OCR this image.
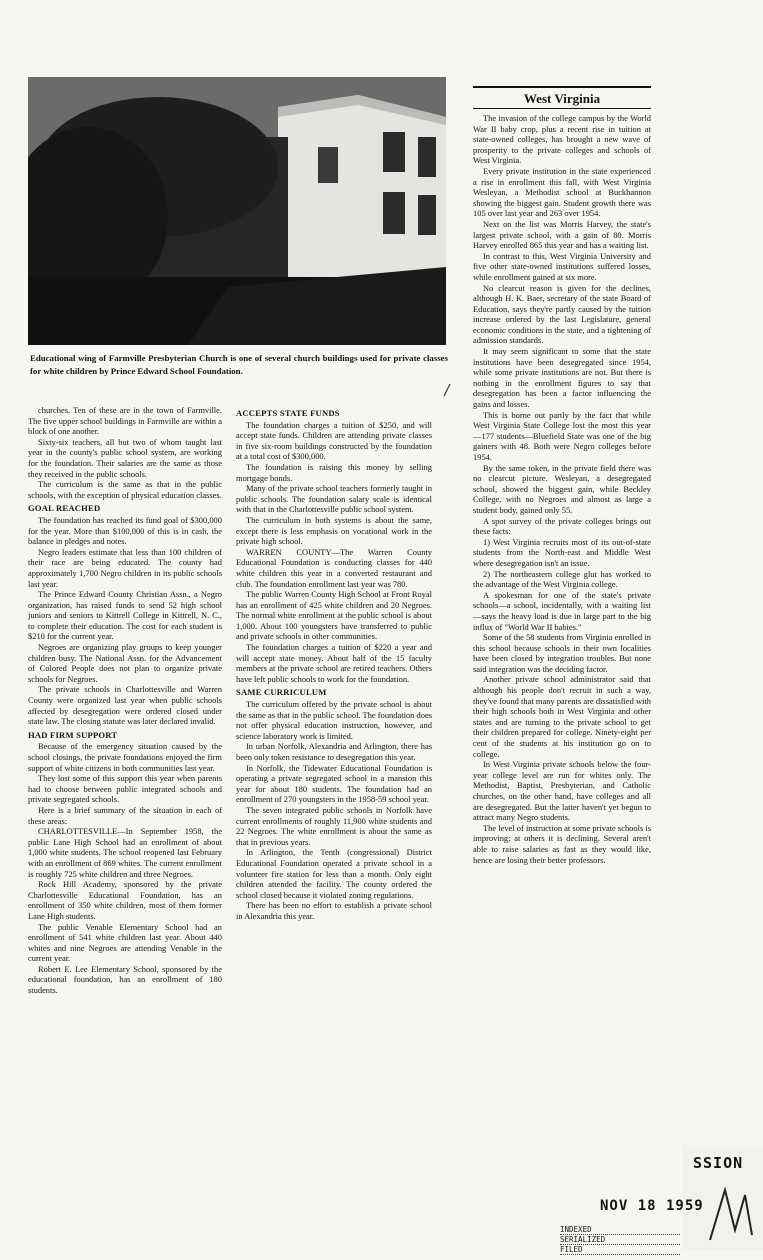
Educational wing of Farmville Presbyterian Church is one of several church buildings used for private classes for white children by Prince Edward School Foundation.

churches. Ten of these are in the town of Farmville. The five upper school buildings in Farmville are within a block of one another.

Sixty-six teachers, all but two of whom taught last year in the county's public school system, are working for the foundation. Their salaries are the same as those they received in the public schools.

The curriculum is the same as that in the public schools, with the exception of physical education classes.

GOAL REACHED

The foundation has reached its fund goal of $300,000 for the year. More than $100,000 of this is in cash, the balance in pledges and notes.

Negro leaders estimate that less than 100 children of their race are being educated. The county had approximately 1,700 Negro children in its public schools last year.

The Prince Edward County Christian Assn., a Negro organization, has raised funds to send 52 high school juniors and seniors to Kittrell College in Kittrell, N. C., to complete their education. The cost for each student is $210 for the current year.

Negroes are organizing play groups to keep younger children busy. The National Assn. for the Advancement of Colored People does not plan to organize private schools for Negroes.

The private schools in Charlottesville and Warren County were organized last year when public schools affected by desegregation were ordered closed under state law. The closing statute was later declared invalid.

HAD FIRM SUPPORT

Because of the emergency situation caused by the school closings, the private foundations enjoyed the firm support of white citizens in both communities last year.

They lost some of this support this year when parents had to choose between public integrated schools and private segregated schools.

Here is a brief summary of the situation in each of these areas:

CHARLOTTESVILLE—In September 1958, the public Lane High School had an enrollment of about 1,000 white students. The school reopened last February with an enrollment of 869 whites. The current enrollment is roughly 725 white children and three Negroes.

Rock Hill Academy, sponsored by the private Charlottesville Educational Foundation, has an enrollment of 350 white children, most of them former Lane High students.

The public Venable Elementary School had an enrollment of 541 white children last year. About 440 whites and nine Negroes are attending Venable in the current year.

Robert E. Lee Elementary School, sponsored by the educational foundation, has an enrollment of 180 students.

ACCEPTS STATE FUNDS

The foundation charges a tuition of $250, and will accept state funds. Children are attending private classes in five six-room buildings constructed by the foundation at a total cost of $300,000.

The foundation is raising this money by selling mortgage bonds.

Many of the private school teachers formerly taught in public schools. The foundation salary scale is identical with that in the Charlottesville public school system.

The curriculum in both systems is about the same, except there is less emphasis on vocational work in the private high school.

WARREN COUNTY—The Warren County Educational Foundation is conducting classes for 440 white children this year in a converted restaurant and club. The foundation enrollment last year was 780.

The public Warren County High School at Front Royal has an enrollment of 425 white children and 20 Negroes. The normal white enrollment at the public school is about 1,000. About 100 youngsters have transferred to public and private schools in other communities.

The foundation charges a tuition of $220 a year and will accept state money. About half of the 15 faculty members at the private school are retired teachers. Others have left public schools to work for the foundation.

SAME CURRICULUM

The curriculum offered by the private school is about the same as that in the public school. The foundation does not offer physical education instruction, however, and science laboratory work is limited.

In urban Norfolk, Alexandria and Arlington, there has been only token resistance to desegregation this year.

In Norfolk, the Tidewater Educational Foundation is operating a private segregated school in a mansion this year for about 180 students. The foundation had an enrollment of 270 youngsters in the 1958-59 school year.

The seven integrated public schools in Norfolk have current enrollments of roughly 11,900 white students and 22 Negroes. The white enrollment is about the same as that in previous years.

In Arlington, the Tenth (congressional) District Educational Foundation operated a private school in a volunteer fire station for less than a month. Only eight children attended the facility. The county ordered the school closed because it violated zoning regulations.

There has been no effort to establish a private school in Alexandria this year.

West Virginia

The invasion of the college campus by the World War II baby crop, plus a recent rise in tuition at state-owned colleges, has brought a new wave of prosperity to the private colleges and schools of West Virginia.

Every private institution in the state experienced a rise in enrollment this fall, with West Virginia Wesleyan, a Methodist school at Buckhannon showing the biggest gain. Student growth there was 105 over last year and 263 over 1954.

Next on the list was Morris Harvey, the state's largest private school, with a gain of 80. Morris Harvey enrolled 865 this year and has a waiting list.

In contrast to this, West Virginia University and five other state-owned institutions suffered losses, while enrollment gained at six more.

No clearcut reason is given for the declines, although H. K. Baer, secretary of the state Board of Education, says they're partly caused by the tuition increase ordered by the last Legislature, general economic conditions in the state, and a tightening of admission standards.

It may seem significant to some that the state institutions have been desegregated since 1954, while some private institutions are not. But there is nothing in the enrollment figures to say that desegregation has been a factor influencing the gains and losses.

This is borne out partly by the fact that while West Virginia State College lost the most this year—177 students—Bluefield State was one of the big gainers with 48. Both were Negro colleges before 1954.

By the same token, in the private field there was no clearcut picture. Wesleyan, a desegregated school, showed the biggest gain, while Beckley College, with no Negroes and almost as large a student body, gained only 55.

A spot survey of the private colleges brings out these facts:

1) West Virginia recruits most of its out-of-state students from the North-east and Middle West where desegregation isn't an issue.

2) The northeastern college glut has worked to the advantage of the West Virginia college.

A spokesman for one of the state's private schools—a school, incidentally, with a waiting list—says the heavy load is due in large part to the big influx of "World War II babies."

Some of the 58 students from Virginia enrolled in this school because schools in their own localities have been closed by integration troubles. But none said integration was the deciding factor.

Another private school administrator said that although his people don't recruit in such a way, they've found that many parents are dissatisfied with their high schools both in West Virginia and other states and are turning to the private school to get their children prepared for college. Ninety-eight per cent of the students at his institution go on to college.

In West Virginia private schools below the four-year college level are run for whites only. The Methodist, Baptist, Presbyterian, and Catholic churches, on the other hand, have colleges and all are desegregated. But the latter haven't yet begun to attract many Negro students.

The level of instruction at some private schools is improving; at others it is declining. Several aren't able to raise salaries as fast as they would like, hence are losing their better professors.

SSION
NOV 18 1959
INDEXED
SERIALIZED
FILED
